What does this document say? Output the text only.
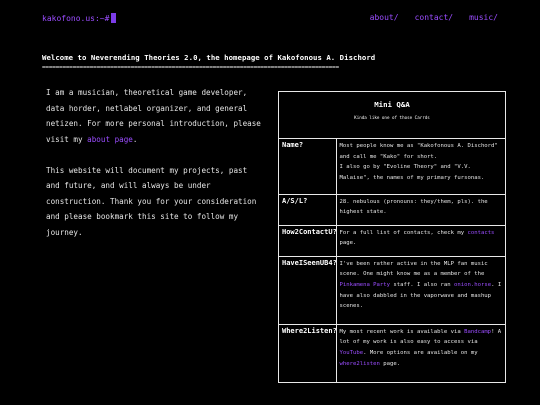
kakofono.us:~#	about/ contact/ music/
Welcome to Neverending Theories 2.0, the homepage of Kakofonous A. Dischord
=======================================================================================

I am a musician, theoretical game developer, data horder, netlabel organizer, and general netizen. For more personal introduction, please visit my about page.

This website will document my projects, past and future, and will always be under construction. Thank you for your consideration and please bookmark this site to follow my journey.

Mini Q&A
Kinda like one of those Carrds
Name?	Most people know me as "Kakofonous A. Dischord" and call me "Kako" for short.
I also go by "Evoline Theory" and "V.V. Malaise", the names of my primary fursonas.
A/S/L?	28. nebulous (pronouns: they/them, pls). the highest state.
How2ContactU?	For a full list of contacts, check my contacts page.
HaveISeenUB4?	I've been rather active in the MLP fan music scene. One might know me as a member of the Pinkamena Party staff. I also ran onion.horse. I have also dabbled in the vaporwave and mashup scenes.
Where2Listen?	My most recent work is available via Bandcamp! A lot of my work is also easy to access via YouTube. More options are available on my where2listen page.
